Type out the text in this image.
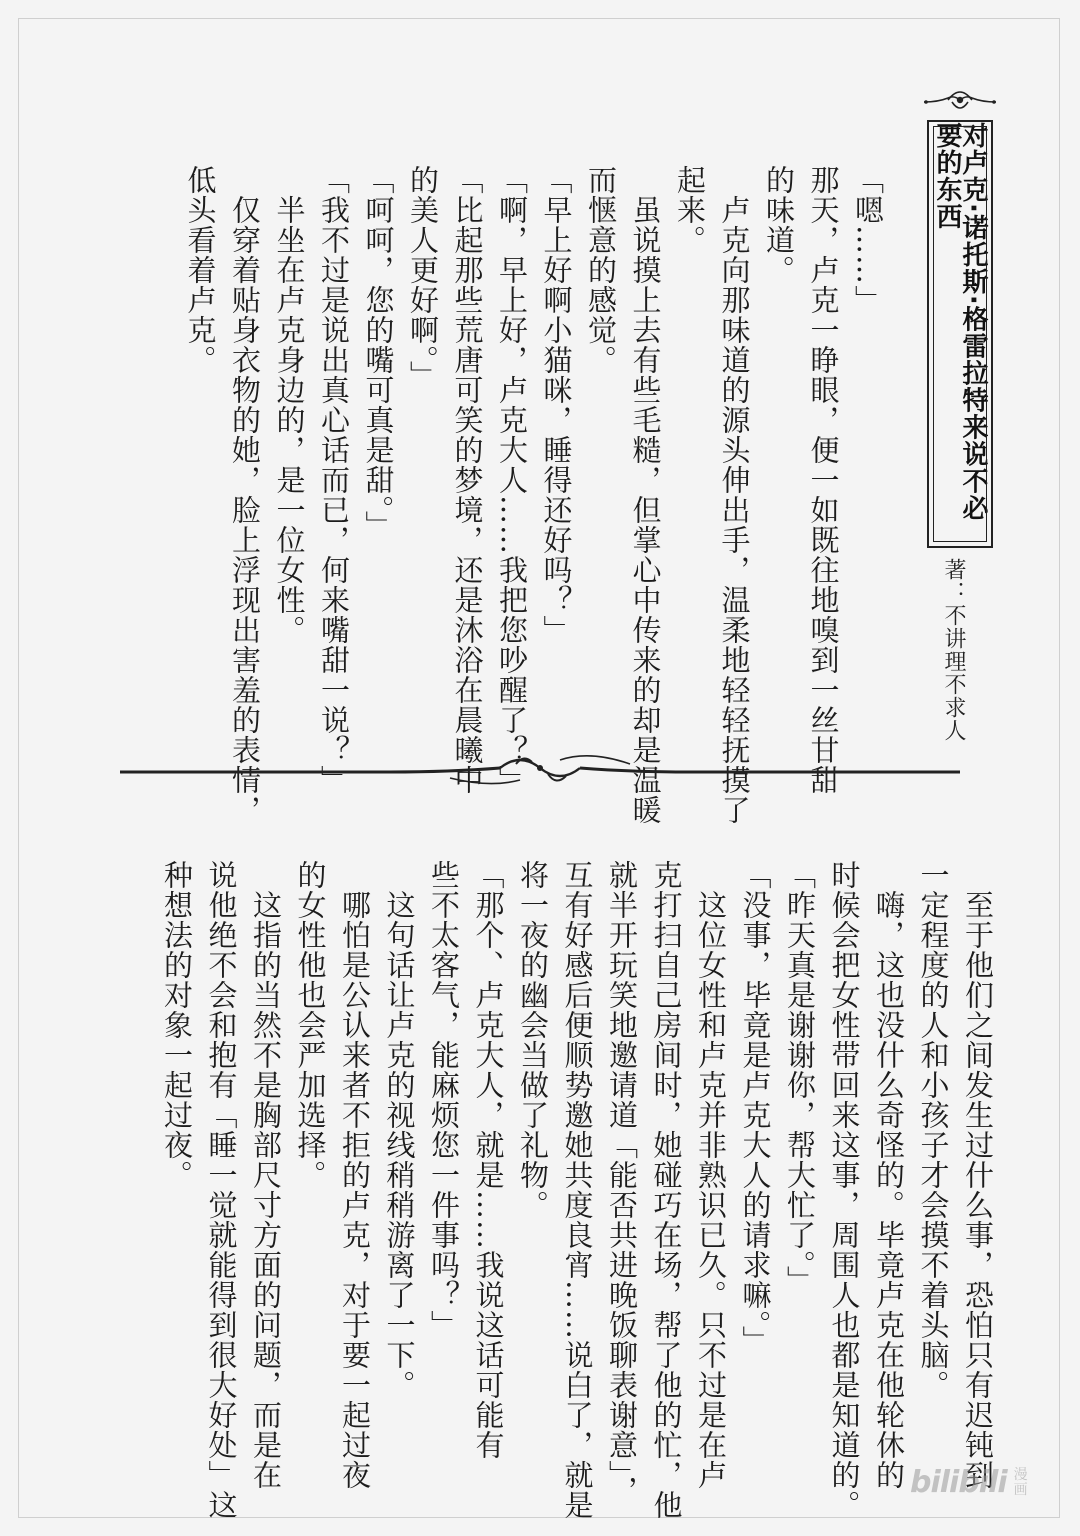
对卢克·诺托斯·格雷拉特来说不必要的东西
著：不讲理不求人
「嗯……」
那天，卢克一睁眼，便一如既往地嗅到一丝甘甜
的味道。
　卢克向那味道的源头伸出手，温柔地轻轻抚摸了
起来。
　虽说摸上去有些毛糙，但掌心中传来的却是温暖
而惬意的感觉。
「早上好啊小猫咪，睡得还好吗？」
「啊，早上好，卢克大人……我把您吵醒了？」
「比起那些荒唐可笑的梦境，还是沐浴在晨曦中
的美人更好啊。」
「呵呵，您的嘴可真是甜。」
「我不过是说出真心话而已，何来嘴甜一说？」
　半坐在卢克身边的，是一位女性。
　仅穿着贴身衣物的她，脸上浮现出害羞的表情，
低头看着卢克。
　至于他们之间发生过什么事，恐怕只有迟钝到
一定程度的人和小孩子才会摸不着头脑。
　嗨，这也没什么奇怪的。毕竟卢克在他轮休的
时候会把女性带回来这事，周围人也都是知道的。
「昨天真是谢谢你，帮大忙了。」
「没事，毕竟是卢克大人的请求嘛。」
　这位女性和卢克并非熟识已久。只不过是在卢
克打扫自己房间时，她碰巧在场，帮了他的忙，他
就半开玩笑地邀请道「能否共进晚饭聊表谢意」，
互有好感后便顺势邀她共度良宵……说白了，就是
将一夜的幽会当做了礼物。
「那个、卢克大人，就是……我说这话可能有
些不太客气，能麻烦您一件事吗？」
　这句话让卢克的视线稍稍游离了一下。
　哪怕是公认来者不拒的卢克，对于要一起过夜
的女性他也会严加选择。
　这指的当然不是胸部尺寸方面的问题，而是在
说他绝不会和抱有「睡一觉就能得到很大好处」这
种想法的对象一起过夜。
bilibili 漫画
